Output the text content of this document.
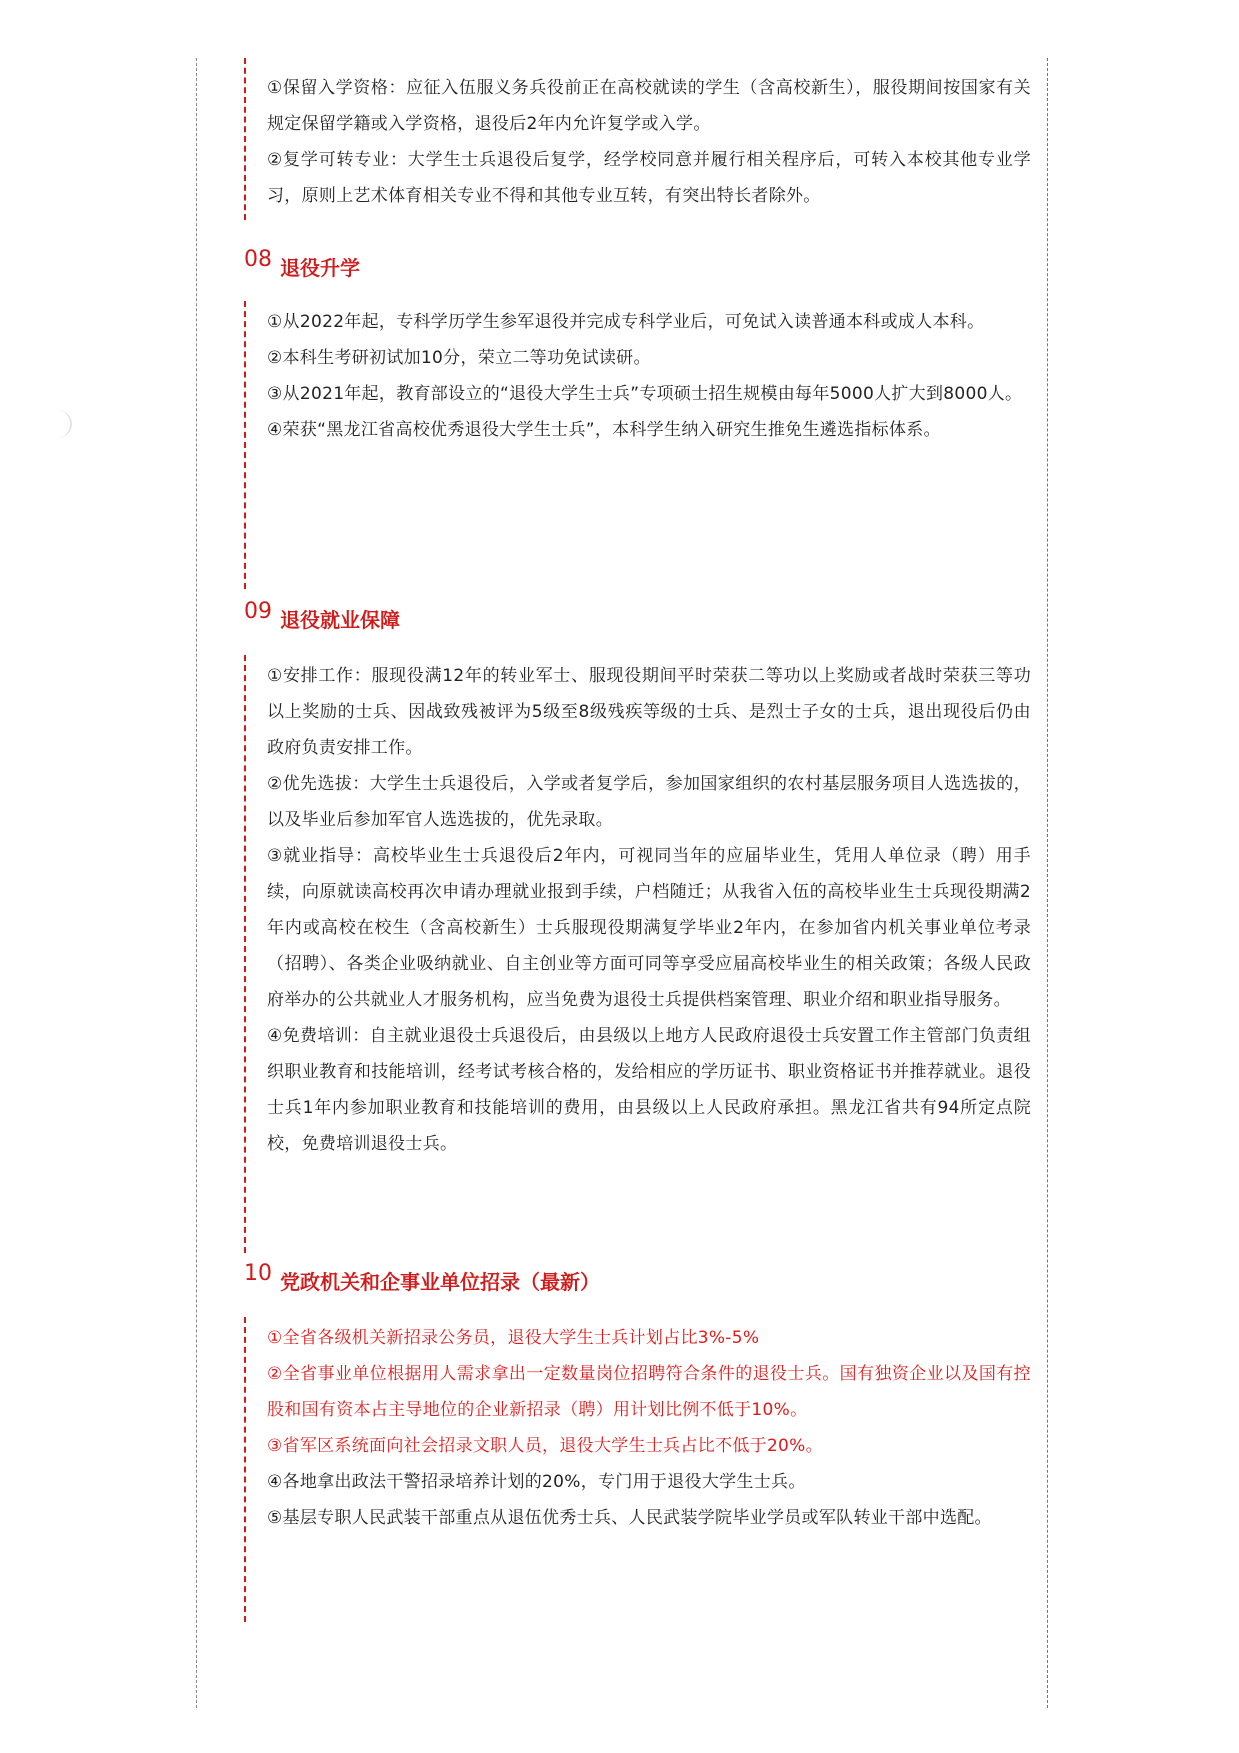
①保留入学资格：应征入伍服义务兵役前正在高校就读的学生（含高校新生），服役期间按国家有关规定保留学籍或入学资格，退役后2年内允许复学或入学。

②复学可转专业：大学生士兵退役后复学，经学校同意并履行相关程序后，可转入本校其他专业学习，原则上艺术体育相关专业不得和其他专业互转，有突出特长者除外。

08 退役升学

①从2022年起，专科学历学生参军退役并完成专科学业后，可免试入读普通本科或成人本科。

②本科生考研初试加10分，荣立二等功免试读研。

③从2021年起，教育部设立的“退役大学生士兵”专项硕士招生规模由每年5000人扩大到8000人。

④荣获“黑龙江省高校优秀退役大学生士兵”，本科学生纳入研究生推免生遴选指标体系。

09 退役就业保障

①安排工作：服现役满12年的转业军士、服现役期间平时荣获二等功以上奖励或者战时荣获三等功以上奖励的士兵、因战致残被评为5级至8级残疾等级的士兵、是烈士子女的士兵，退出现役后仍由政府负责安排工作。

②优先选拔：大学生士兵退役后，入学或者复学后，参加国家组织的农村基层服务项目人选选拔的，以及毕业后参加军官人选选拔的，优先录取。

③就业指导：高校毕业生士兵退役后2年内，可视同当年的应届毕业生，凭用人单位录（聘）用手续，向原就读高校再次申请办理就业报到手续，户档随迁；从我省入伍的高校毕业生士兵现役期满2年内或高校在校生（含高校新生）士兵服现役期满复学毕业2年内，在参加省内机关事业单位考录（招聘）、各类企业吸纳就业、自主创业等方面可同等享受应届高校毕业生的相关政策；各级人民政府举办的公共就业人才服务机构，应当免费为退役士兵提供档案管理、职业介绍和职业指导服务。

④免费培训：自主就业退役士兵退役后，由县级以上地方人民政府退役士兵安置工作主管部门负责组织职业教育和技能培训，经考试考核合格的，发给相应的学历证书、职业资格证书并推荐就业。退役士兵1年内参加职业教育和技能培训的费用，由县级以上人民政府承担。黑龙江省共有94所定点院校，免费培训退役士兵。

10 党政机关和企事业单位招录（最新）

①全省各级机关新招录公务员，退役大学生士兵计划占比3%-5%

②全省事业单位根据用人需求拿出一定数量岗位招聘符合条件的退役士兵。国有独资企业以及国有控股和国有资本占主导地位的企业新招录（聘）用计划比例不低于10%。

③省军区系统面向社会招录文职人员，退役大学生士兵占比不低于20%。

④各地拿出政法干警招录培养计划的20%，专门用于退役大学生士兵。

⑤基层专职人民武装干部重点从退伍优秀士兵、人民武装学院毕业学员或军队转业干部中选配。
